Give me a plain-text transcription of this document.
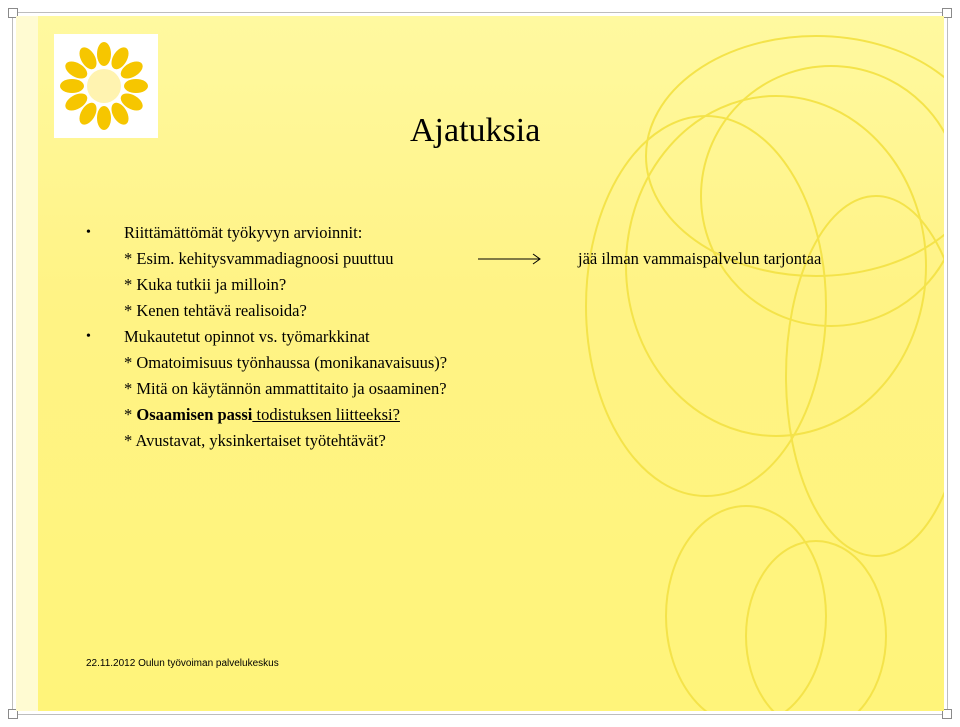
Ajatuksia
• Riittämättömät työkyvyn arvioinnit:
* Esim. kehitysvammadiagnoosi puuttuu	jää ilman vammaispalvelun tarjontaa
* Kuka tutkii ja milloin?
* Kenen tehtävä realisoida?
• Mukautetut opinnot vs. työmarkkinat
* Omatoimisuus työnhaussa (monikanavaisuus)?
* Mitä on käytännön ammattitaito ja osaaminen?
* Osaamisen passi todistuksen liitteeksi?
* Avustavat, yksinkertaiset työtehtävät?
22.11.2012 Oulun työvoiman palvelukeskus
